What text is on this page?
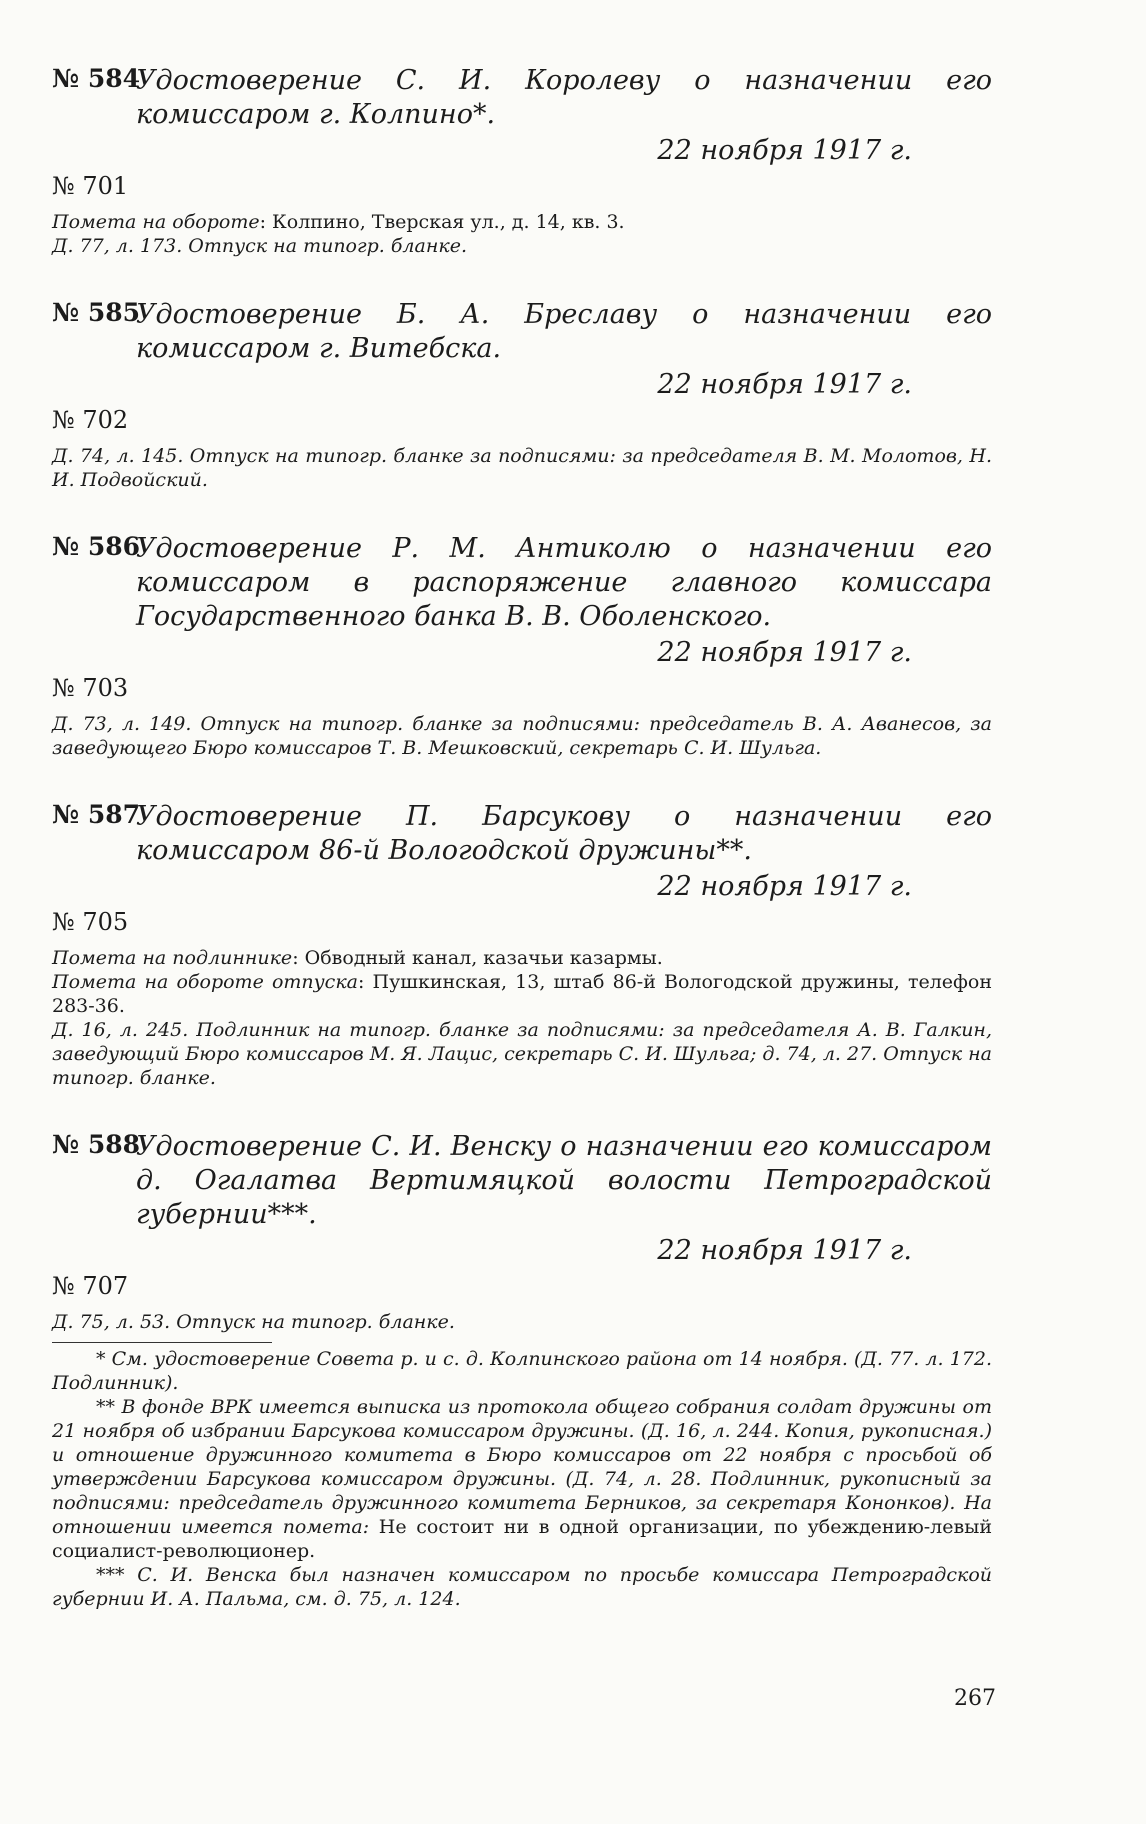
№ 584
Удостоверение С. И. Королеву о назначении его комиссаром г. Колпино*.
22 ноября 1917 г.
№ 701
Помета на обороте: Колпино, Тверская ул., д. 14, кв. 3.
Д. 77, л. 173. Отпуск на типогр. бланке.
№ 585
Удостоверение Б. А. Бреславу о назначении его комиссаром г. Витебска.
22 ноября 1917 г.
№ 702
Д. 74, л. 145. Отпуск на типогр. бланке за подписями: за председателя В. М. Молотов, Н. И. Подвойский.
№ 586
Удостоверение Р. М. Антиколю о назначении его комиссаром в распоряжение главного комиссара Государственного банка В. В. Оболенского.
22 ноября 1917 г.
№ 703
Д. 73, л. 149. Отпуск на типогр. бланке за подписями: председатель В. А. Аванесов, за заведующего Бюро комиссаров Т. В. Мешковский, секретарь С. И. Шульга.
№ 587
Удостоверение П. Барсукову о назначении его комиссаром 86-й Вологодской дружины**.
22 ноября 1917 г.
№ 705
Помета на подлиннике: Обводный канал, казачьи казармы.
Помета на обороте отпуска: Пушкинская, 13, штаб 86-й Вологодской дружины, телефон 283-36.
Д. 16, л. 245. Подлинник на типогр. бланке за подписями: за председателя А. В. Галкин, заведующий Бюро комиссаров М. Я. Лацис, секретарь С. И. Шульга; д. 74, л. 27. Отпуск на типогр. бланке.
№ 588
Удостоверение С. И. Венску о назначении его комиссаром д. Огалатва Вертимяцкой волости Петроградской губернии***.
22 ноября 1917 г.
№ 707
Д. 75, л. 53. Отпуск на типогр. бланке.
* См. удостоверение Совета р. и с. д. Колпинского района от 14 ноября. (Д. 77. л. 172. Подлинник).
** В фонде ВРК имеется выписка из протокола общего собрания солдат дружины от 21 ноября об избрании Барсукова комиссаром дружины. (Д. 16, л. 244. Копия, рукописная.) и отношение дружинного комитета в Бюро комиссаров от 22 ноября с просьбой об утверждении Барсукова комиссаром дружины. (Д. 74, л. 28. Подлинник, рукописный за подписями: председатель дружинного комитета Берников, за секретаря Кононков). На отношении имеется помета: Не состоит ни в одной организации, по убеждению-левый социалист-революционер.
*** С. И. Венска был назначен комиссаром по просьбе комиссара Петроградской губернии И. А. Пальма, см. д. 75, л. 124.
267
